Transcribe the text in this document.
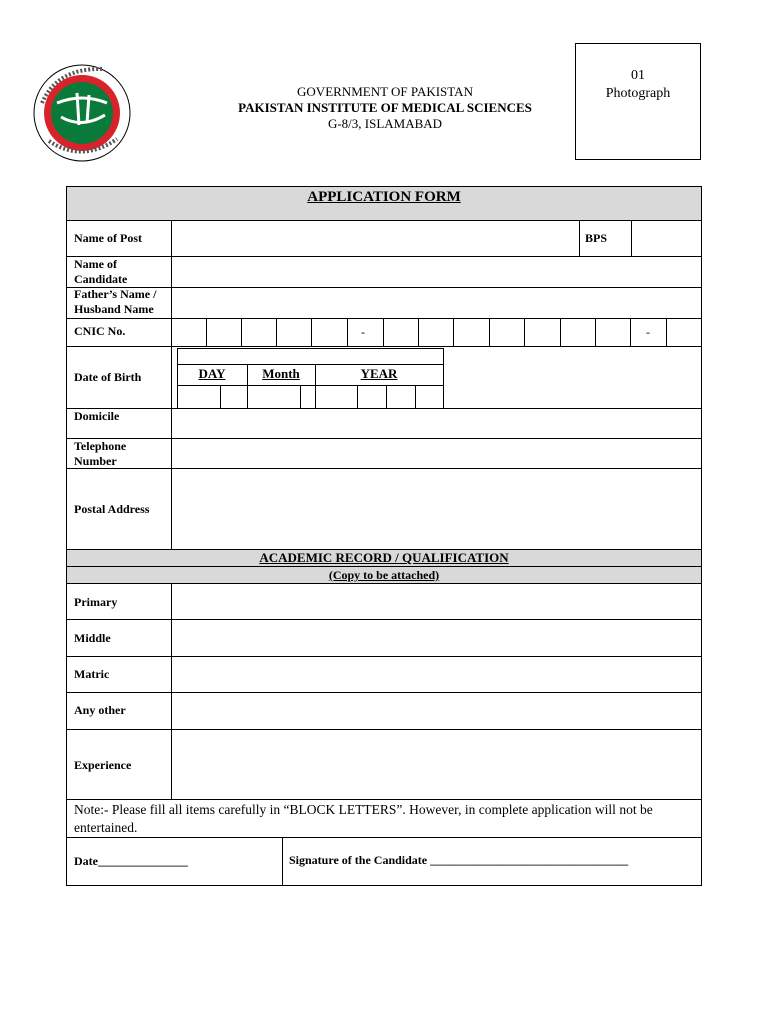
GOVERNMENT OF PAKISTAN
PAKISTAN INSTITUTE OF MEDICAL SCIENCES
G-8/3, ISLAMABAD
01
Photograph
APPLICATION FORM
Name of Post	BPS
Name of
Candidate
Father’s Name /
Husband Name
CNIC No.	-	-
Date of Birth	DAY	Month	YEAR
Domicile
Telephone
Number
Postal Address
ACADEMIC RECORD / QUALIFICATION
(Copy to be attached)
Primary
Middle
Matric
Any other
Experience
Note:- Please fill all items carefully in “BLOCK LETTERS”. However, in complete application will not be entertained.
Date_______________	Signature of the Candidate _________________________________
